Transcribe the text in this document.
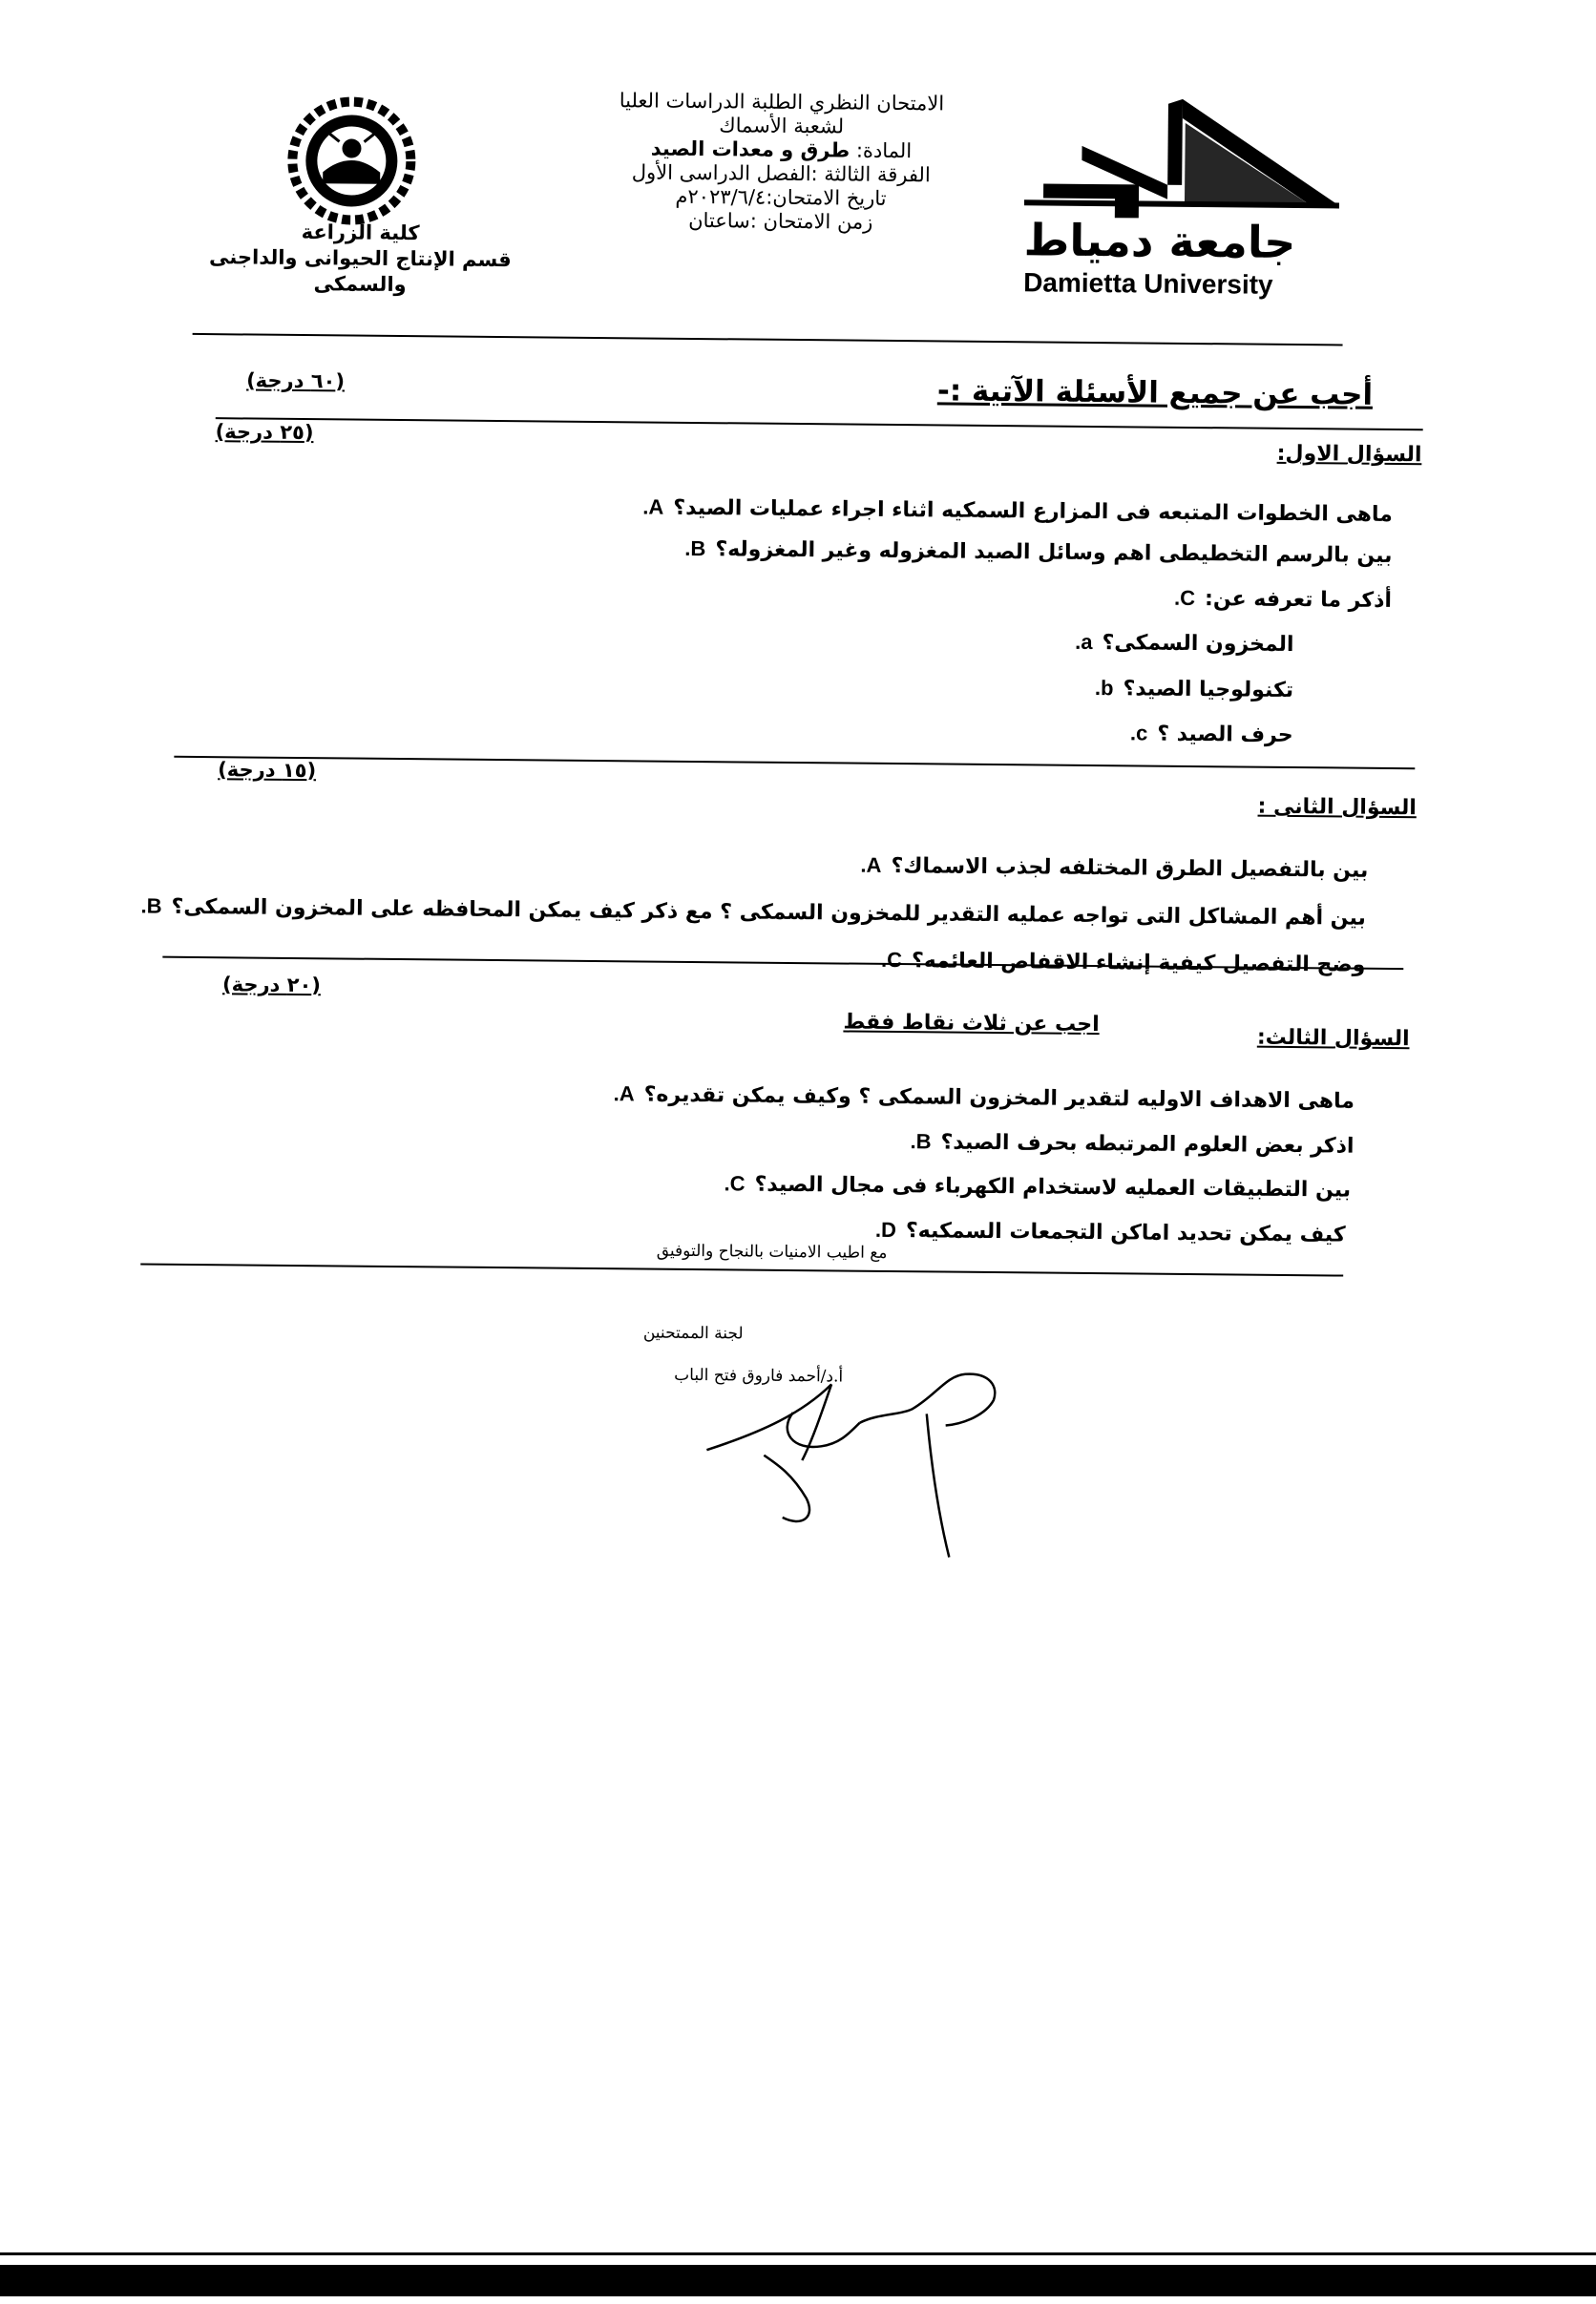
جامعة دمياط
Damietta University
الامتحان النظري الطلبة الدراسات العليا
لشعبة الأسماك
المادة: طرق و معدات الصيد
الفرقة الثالثة :الفصل الدراسى الأول
تاريخ الامتحان:٢٠٢٣/٦/٤م
زمن الامتحان :ساعتان
كلية الزراعة
قسم الإنتاج الحيوانى والداجنى
والسمكى
أجب عن جميع الأسئلة الآتية :-
(٦٠ درجة)
(٢٥ درجة)
السؤال الاول:
A. ماهى الخطوات المتبعه فى المزارع السمكيه اثناء اجراء عمليات الصيد؟
B. بين بالرسم التخطيطى اهم وسائل الصيد المغزوله وغير المغزوله؟
C. أذكر ما تعرفه عن:
a. المخزون السمكى؟
b. تكنولوجيا الصيد؟
c. حرف الصيد ؟
(١٥ درجة)
السؤال الثانى :
A. بين بالتفصيل الطرق المختلفه لجذب الاسماك؟
B. بين أهم المشاكل التى تواجه عمليه التقدير للمخزون السمكى ؟ مع ذكر كيف يمكن المحافظه على المخزون السمكى؟
C. وضح التفصيل كيفية إنشاء الاقفاص العائمه؟
(٢٠ درجة)
السؤال الثالث:
اجب عن ثلاث نقاط فقط
A. ماهى الاهداف الاوليه لتقدير المخزون السمكى ؟ وكيف يمكن تقديره؟
B. اذكر بعض العلوم المرتبطه بحرف الصيد؟
C. بين التطبيقات العمليه لاستخدام الكهرباء فى مجال الصيد؟
D. كيف يمكن تحديد اماكن التجمعات السمكيه؟
مع اطيب الامنيات بالنجاح والتوفيق
لجنة الممتحنين
أ.د/أحمد فاروق فتح الباب
